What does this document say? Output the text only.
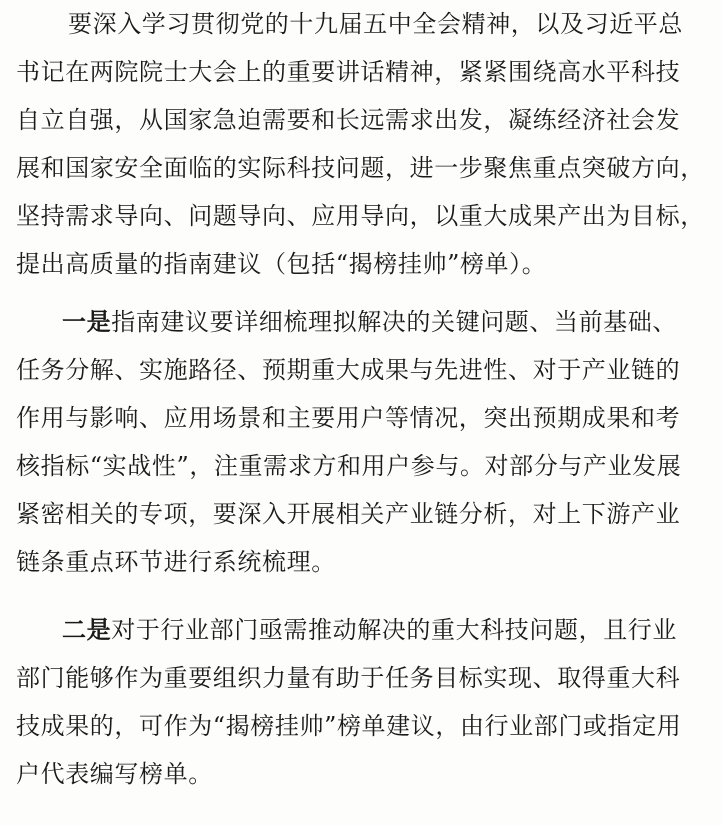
要深入学习贯彻党的十九届五中全会精神，以及习近平总
书记在两院院士大会上的重要讲话精神，紧紧围绕高水平科技
自立自强，从国家急迫需要和长远需求出发，凝练经济社会发
展和国家安全面临的实际科技问题，进一步聚焦重点突破方向，
坚持需求导向、问题导向、应用导向，以重大成果产出为目标，
提出高质量的指南建议（包括“揭榜挂帅”榜单）。
一是指南建议要详细梳理拟解决的关键问题、当前基础、
任务分解、实施路径、预期重大成果与先进性、对于产业链的
作用与影响、应用场景和主要用户等情况，突出预期成果和考
核指标“实战性”，注重需求方和用户参与。对部分与产业发展
紧密相关的专项，要深入开展相关产业链分析，对上下游产业
链条重点环节进行系统梳理。
二是对于行业部门亟需推动解决的重大科技问题，且行业
部门能够作为重要组织力量有助于任务目标实现、取得重大科
技成果的，可作为“揭榜挂帅”榜单建议，由行业部门或指定用
户代表编写榜单。
